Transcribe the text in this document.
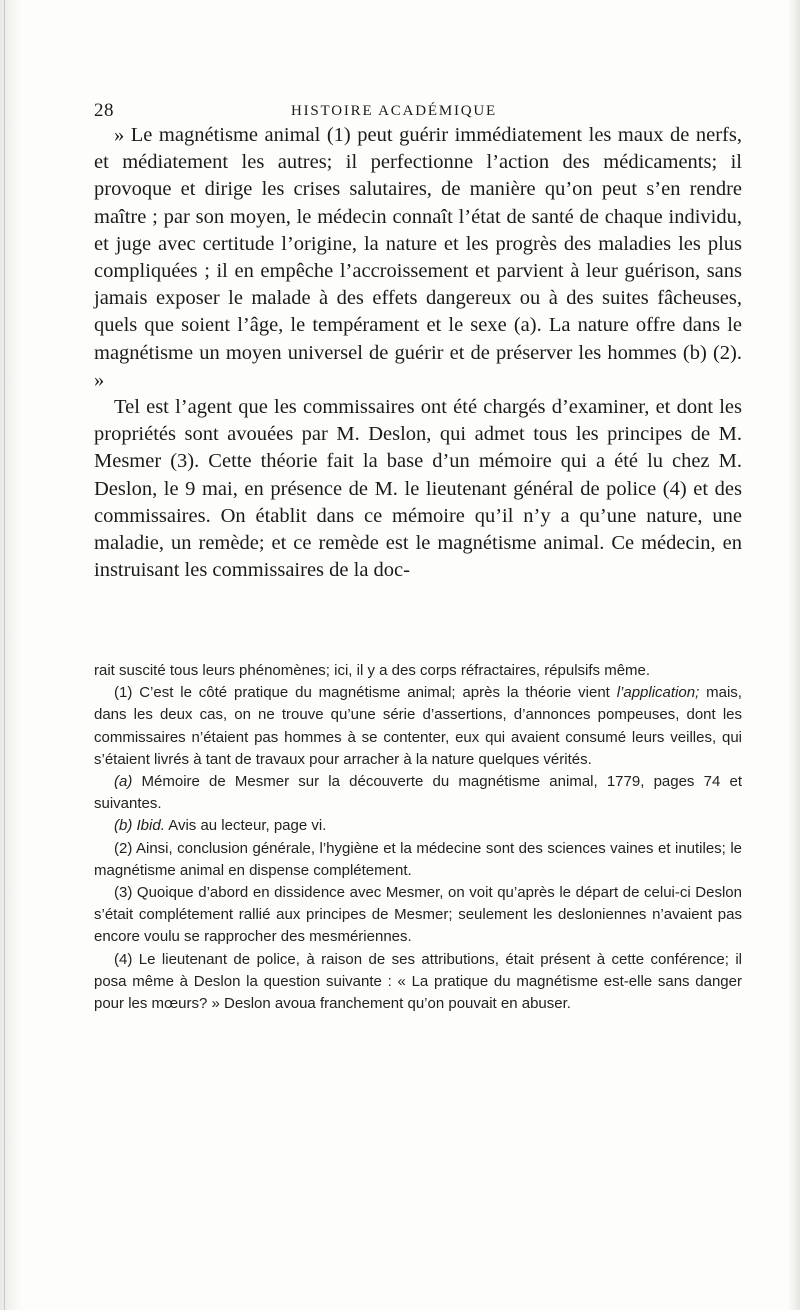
28	HISTOIRE ACADÉMIQUE

» Le magnétisme animal (1) peut guérir immédiatement les maux de nerfs, et médiatement les autres; il perfectionne l’action des médicaments; il provoque et dirige les crises salutaires, de manière qu’on peut s’en rendre maître ; par son moyen, le médecin connaît l’état de santé de chaque individu, et juge avec certitude l’origine, la nature et les progrès des maladies les plus compliquées ; il en empêche l’accroissement et parvient à leur guérison, sans jamais exposer le malade à des effets dangereux ou à des suites fâcheuses, quels que soient l’âge, le tempérament et le sexe (a). La nature offre dans le magnétisme un moyen universel de guérir et de préserver les hommes (b) (2). »

Tel est l’agent que les commissaires ont été chargés d’examiner, et dont les propriétés sont avouées par M. Deslon, qui admet tous les principes de M. Mesmer (3). Cette théorie fait la base d’un mémoire qui a été lu chez M. Deslon, le 9 mai, en présence de M. le lieutenant général de police (4) et des commissaires. On établit dans ce mémoire qu’il n’y a qu’une nature, une maladie, un remède; et ce remède est le magnétisme animal. Ce médecin, en instruisant les commissaires de la doc-

rait suscité tous leurs phénomènes; ici, il y a des corps réfractaires, répulsifs même.

(1) C’est le côté pratique du magnétisme animal; après la théorie vient l’application; mais, dans les deux cas, on ne trouve qu’une série d’assertions, d’annonces pompeuses, dont les commissaires n’étaient pas hommes à se contenter, eux qui avaient consumé leurs veilles, qui s’étaient livrés à tant de travaux pour arracher à la nature quelques vérités.

(a) Mémoire de Mesmer sur la découverte du magnétisme animal, 1779, pages 74 et suivantes.

(b) Ibid. Avis au lecteur, page vi.

(2) Ainsi, conclusion générale, l’hygiène et la médecine sont des sciences vaines et inutiles; le magnétisme animal en dispense complétement.

(3) Quoique d’abord en dissidence avec Mesmer, on voit qu’après le départ de celui-ci Deslon s’était complétement rallié aux principes de Mesmer; seulement les desloniennes n’avaient pas encore voulu se rapprocher des mesmériennes.

(4) Le lieutenant de police, à raison de ses attributions, était présent à cette conférence; il posa même à Deslon la question suivante : « La pratique du magnétisme est-elle sans danger pour les mœurs? » Deslon avoua franchement qu’on pouvait en abuser.
